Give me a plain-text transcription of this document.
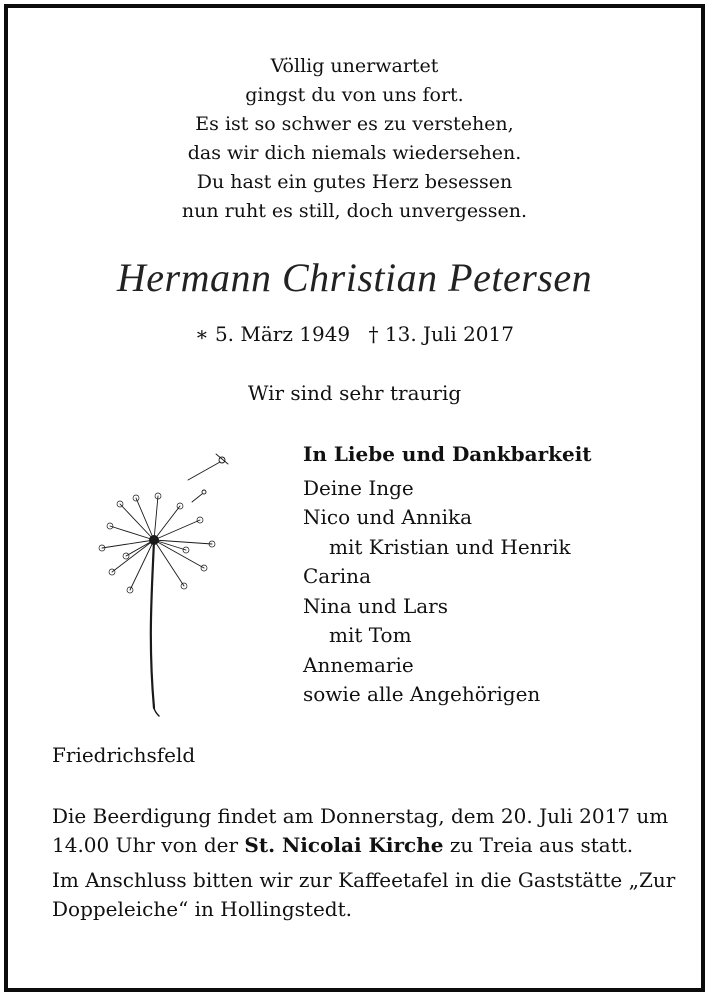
Völlig unerwartet
gingst du von uns fort.
Es ist so schwer es zu verstehen,
das wir dich niemals wiedersehen.
Du hast ein gutes Herz besessen
nun ruht es still, doch unvergessen.
Hermann Christian Petersen
∗ 5. März 1949 † 13. Juli 2017
Wir sind sehr traurig
In Liebe und Dankbarkeit
Deine Inge
Nico und Annika
mit Kristian und Henrik
Carina
Nina und Lars
mit Tom
Annemarie
sowie alle Angehörigen
Friedrichsfeld

Die Beerdigung findet am Donnerstag, dem 20. Juli 2017 um 14.00 Uhr von der St. Nicolai Kirche zu Treia aus statt.

Im Anschluss bitten wir zur Kaffeetafel in die Gaststätte „Zur Doppeleiche“ in Hollingstedt.
